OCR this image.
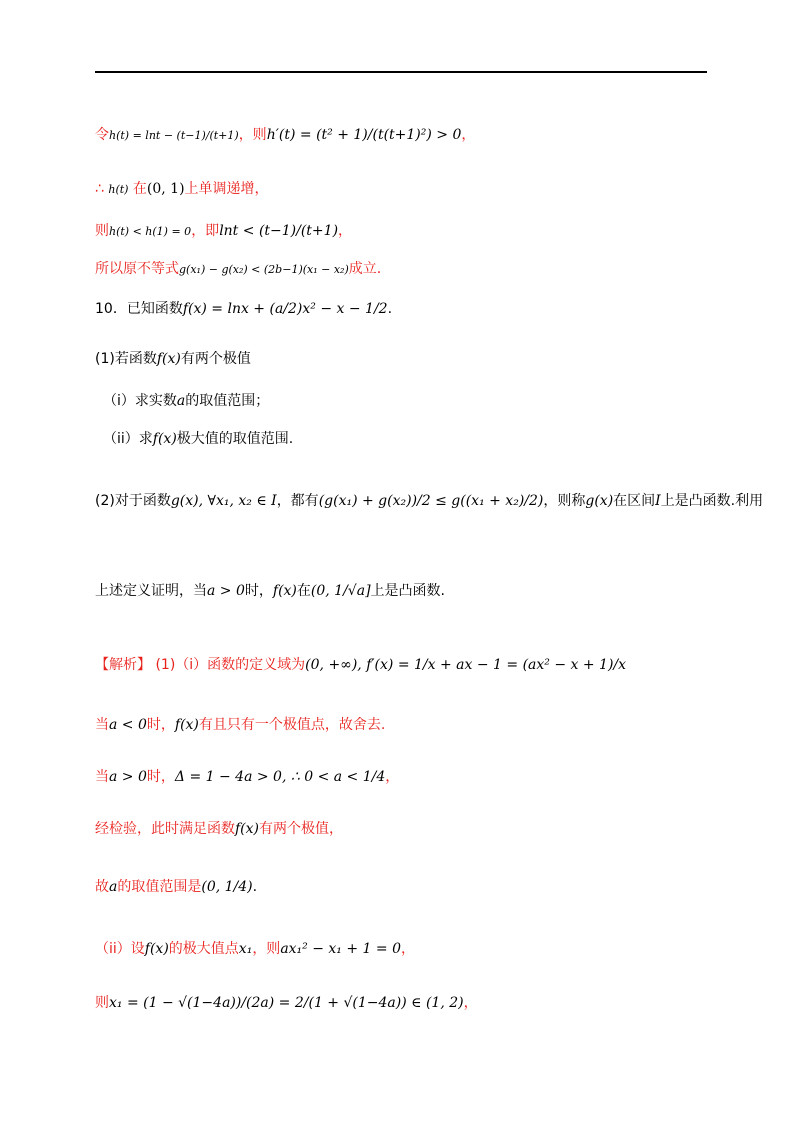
令h(t) = lnt − (t−1)/(t+1)，则h′(t) = (t² + 1)/(t(t+1)²) > 0，
∴ h(t) 在(0, 1)上单调递增，
则h(t) < h(1) = 0，即lnt < (t−1)/(t+1)，
所以原不等式g(x₁) − g(x₂) < (2b−1)(x₁ − x₂)成立.
10．已知函数f(x) = lnx + (a/2)x² − x − 1/2.
(1)若函数f(x)有两个极值
（i）求实数a的取值范围；
（ii）求f(x)极大值的取值范围.
(2)对于函数g(x), ∀x₁, x₂ ∈ I，都有(g(x₁) + g(x₂))/2 ≤ g((x₁ + x₂)/2)，则称g(x)在区间I上是凸函数.利用
上述定义证明，当a > 0时，f(x)在(0, 1/√a]上是凸函数.
【解析】 (1)（i）函数的定义域为(0, +∞), f′(x) = 1/x + ax − 1 = (ax² − x + 1)/x
当a < 0时，f(x)有且只有一个极值点，故舍去.
当a > 0时，Δ = 1 − 4a > 0, ∴ 0 < a < 1/4，
经检验，此时满足函数f(x)有两个极值，
故a的取值范围是(0, 1/4).
（ii）设f(x)的极大值点x₁，则ax₁² − x₁ + 1 = 0，
则x₁ = (1 − √(1−4a))/(2a) = 2/(1 + √(1−4a)) ∈ (1, 2)，
